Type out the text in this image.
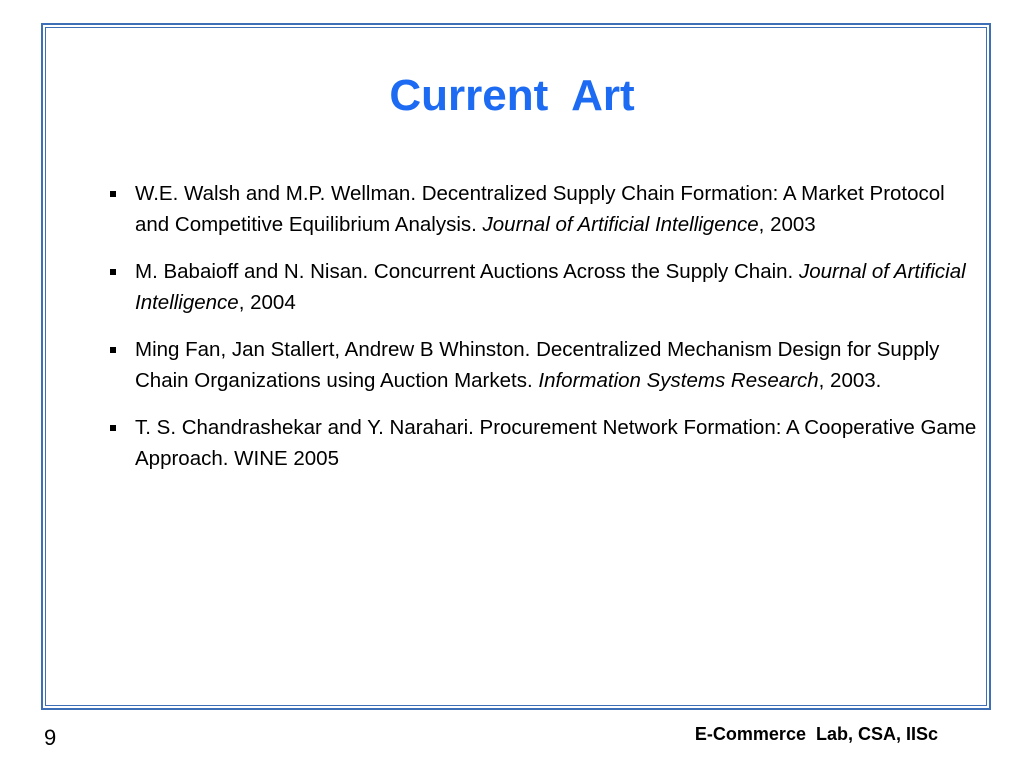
Current  Art
W.E. Walsh and M.P. Wellman. Decentralized Supply Chain Formation: A Market Protocol and Competitive Equilibrium Analysis. Journal of Artificial Intelligence, 2003
M. Babaioff and N. Nisan. Concurrent Auctions Across the Supply Chain. Journal of Artificial Intelligence, 2004
Ming Fan, Jan Stallert, Andrew B Whinston. Decentralized Mechanism Design for Supply Chain Organizations using Auction Markets. Information Systems Research, 2003.
T. S. Chandrashekar and Y. Narahari. Procurement Network Formation: A Cooperative Game Approach. WINE 2005
9	E-Commerce  Lab, CSA, IISc
